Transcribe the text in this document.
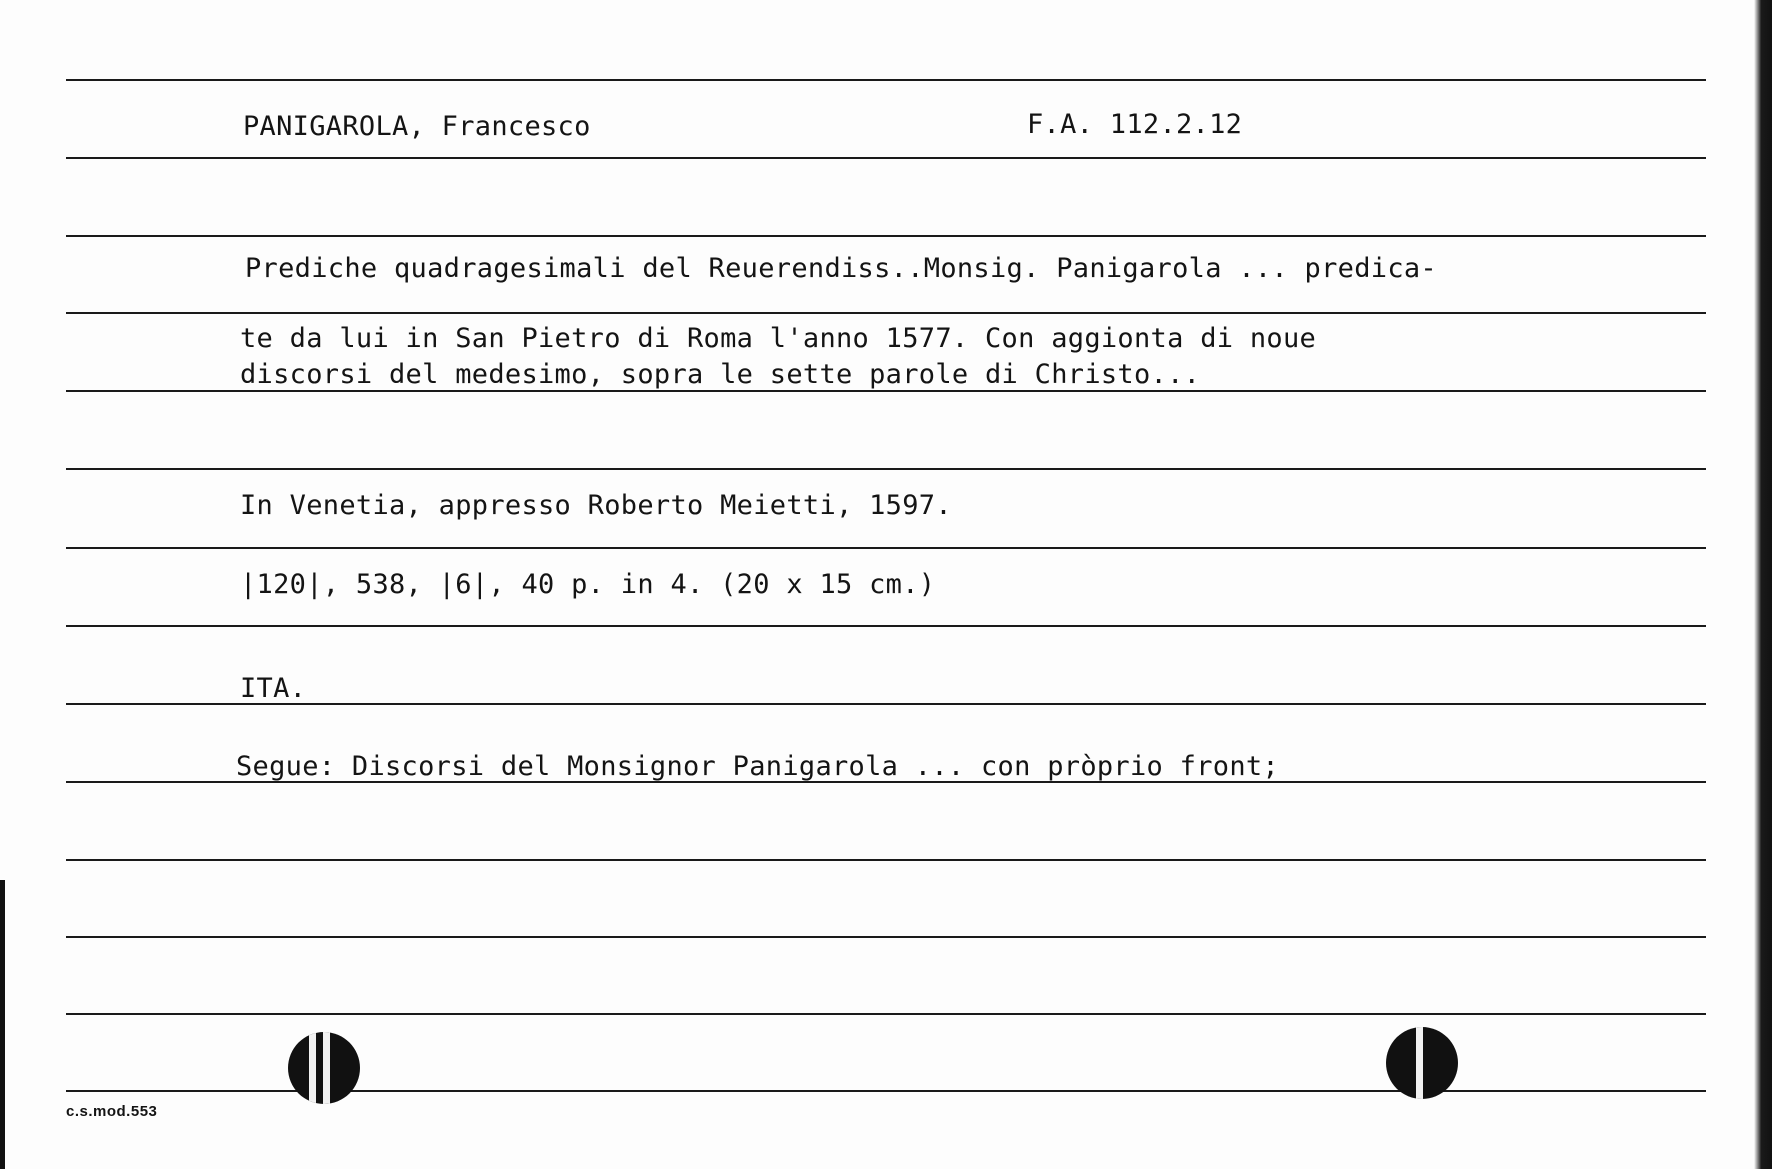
PANIGAROLA, Francesco	F.A. 112.2.12
Prediche quadragesimali del Reuerendiss..Monsig. Panigarola ... predica-
te da lui in San Pietro di Roma l'anno 1577. Con aggionta di noue
discorsi del medesimo, sopra le sette parole di Christo...
In Venetia, appresso Roberto Meietti, 1597.
|120|, 538, |6|, 40 p. in 4. (20 x 15 cm.)
ITA.
Segue: Discorsi del Monsignor Panigarola ... con pròprio front;
c.s.mod.553
